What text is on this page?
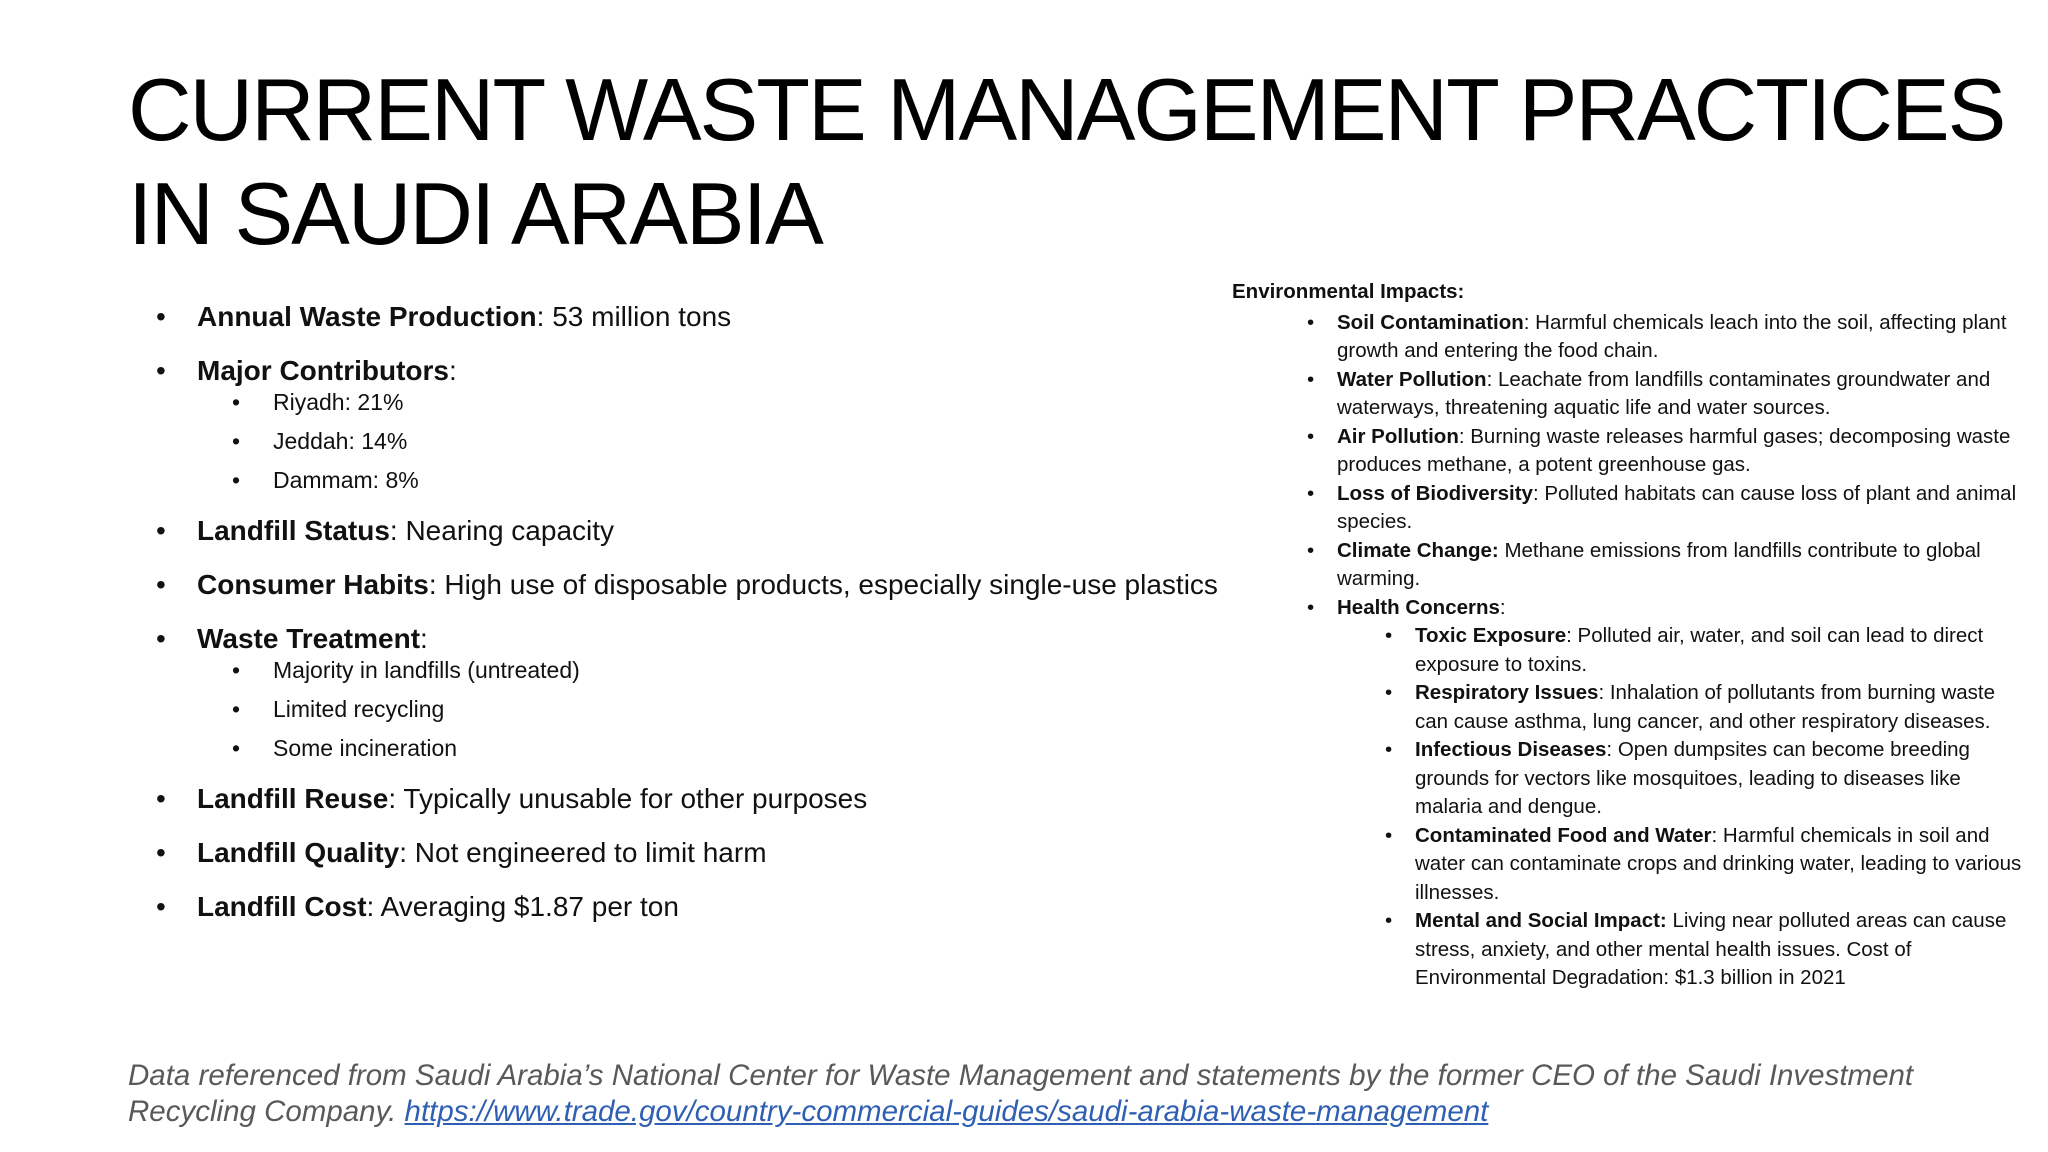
CURRENT WASTE MANAGEMENT PRACTICES
IN SAUDI ARABIA
• Annual Waste Production: 53 million tons
• Major Contributors:
• Riyadh: 21%
• Jeddah: 14%
• Dammam: 8%
• Landfill Status: Nearing capacity
• Consumer Habits: High use of disposable products, especially single-use plastics
• Waste Treatment:
• Majority in landfills (untreated)
• Limited recycling
• Some incineration
• Landfill Reuse: Typically unusable for other purposes
• Landfill Quality: Not engineered to limit harm
• Landfill Cost: Averaging $1.87 per ton
Environmental Impacts:
• Soil Contamination: Harmful chemicals leach into the soil, affecting plant growth and entering the food chain.
• Water Pollution: Leachate from landfills contaminates groundwater and waterways, threatening aquatic life and water sources.
• Air Pollution: Burning waste releases harmful gases; decomposing waste produces methane, a potent greenhouse gas.
• Loss of Biodiversity: Polluted habitats can cause loss of plant and animal species.
• Climate Change: Methane emissions from landfills contribute to global warming.
• Health Concerns:
• Toxic Exposure: Polluted air, water, and soil can lead to direct exposure to toxins.
• Respiratory Issues: Inhalation of pollutants from burning waste can cause asthma, lung cancer, and other respiratory diseases.
• Infectious Diseases: Open dumpsites can become breeding grounds for vectors like mosquitoes, leading to diseases like malaria and dengue.
• Contaminated Food and Water: Harmful chemicals in soil and water can contaminate crops and drinking water, leading to various illnesses.
• Mental and Social Impact: Living near polluted areas can cause stress, anxiety, and other mental health issues. Cost of Environmental Degradation: $1.3 billion in 2021
Data referenced from Saudi Arabia’s National Center for Waste Management and statements by the former CEO of the Saudi Investment Recycling Company. https://www.trade.gov/country-commercial-guides/saudi-arabia-waste-management
